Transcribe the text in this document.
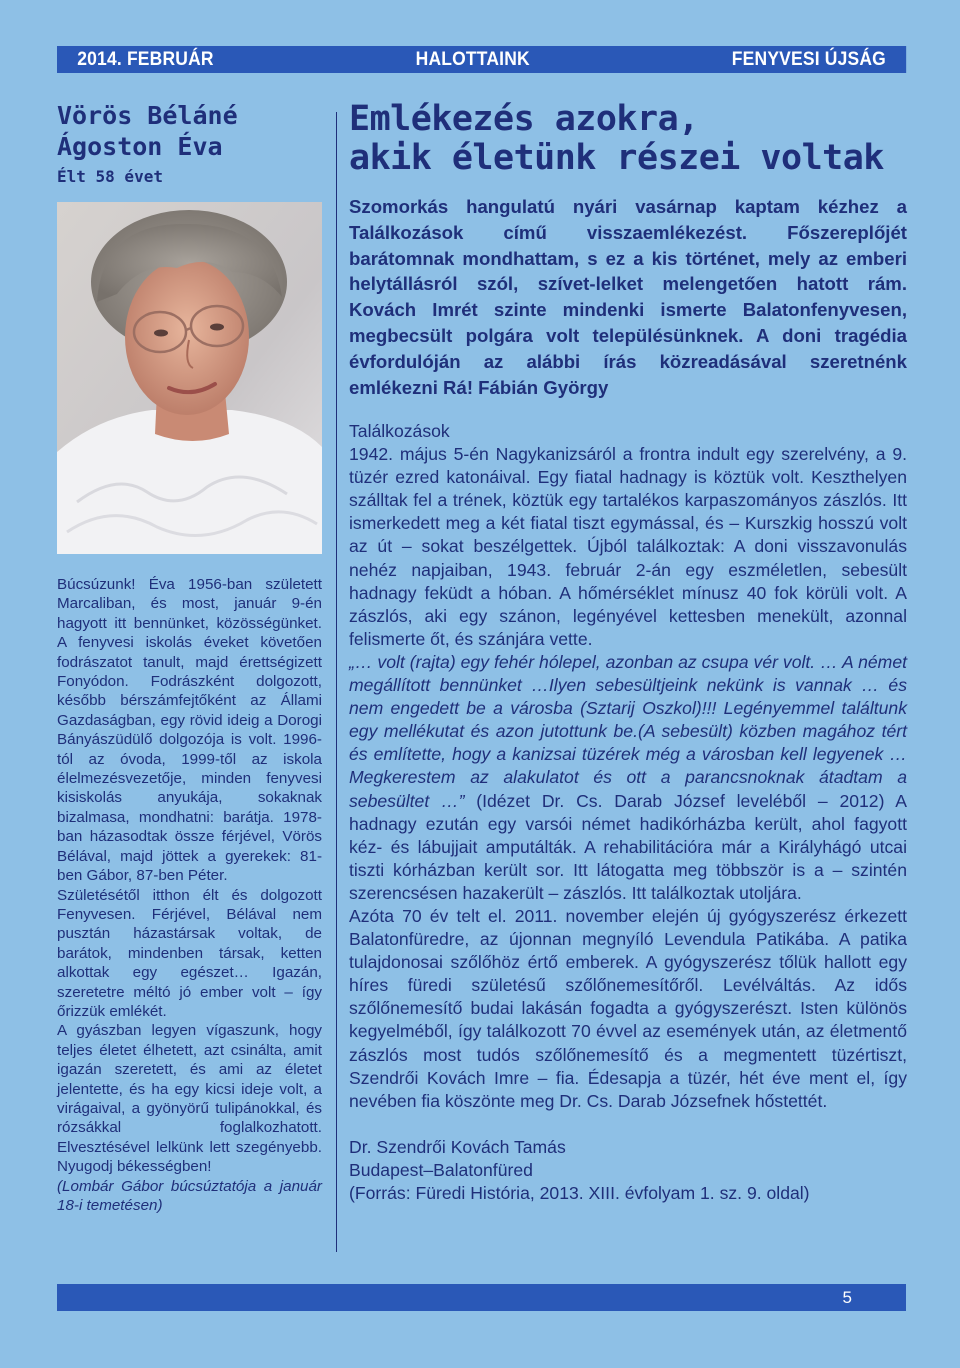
2014. FEBRUÁR	HALOTTAINK	FENYVESI ÚJSÁG
Vörös Béláné
Ágoston Éva
Élt 58 évet

Búcsúzunk! Éva 1956-ban született Marcaliban, és most, január 9-én hagyott itt bennünket, közösségünket. A fenyvesi iskolás éveket követően fodrászatot tanult, majd érettségizett Fonyódon. Fodrászként dolgozott, később bérszámfejtőként az Állami Gazdaságban, egy rövid ideig a Dorogi Bányászüdülő dolgozója is volt. 1996-tól az óvoda, 1999-től az iskola élelmezésvezetője, minden fenyvesi kisiskolás anyukája, sokaknak bizalmasa, mondhatni: barátja. 1978-ban házasodtak össze férjével, Vörös Bélával, majd jöttek a gyerekek: 81-ben Gábor, 87-ben Péter.

Születésétől itthon élt és dolgozott Fenyvesen. Férjével, Bélával nem pusztán házastársak voltak, de barátok, mindenben társak, ketten alkottak egy egészet… Igazán, szeretetre méltó jó ember volt – így őrizzük emlékét.

A gyászban legyen vígaszunk, hogy teljes életet élhetett, azt csinálta, amit igazán szeretett, és ami az életet jelentette, és ha egy kicsi ideje volt, a virágaival, a gyönyörű tulipánokkal, és rózsákkal foglalkozhatott. Elvesztésével lelkünk lett szegényebb. Nyugodj békességben!

(Lombár Gábor búcsúztatója a január 18-i temetésen)

Emlékezés azokra,
akik életünk részei voltak

Szomorkás hangulatú nyári vasárnap kaptam kézhez a Találkozások című visszaemlékezést. Főszereplőjét barátomnak mondhattam, s ez a kis történet, mely az emberi helytállásról szól, szívet-lelket melengetően hatott rám. Kovách Imrét szinte mindenki ismerte Balatonfenyvesen, megbecsült polgára volt településünknek. A doni tragédia évfordulóján az alábbi írás közreadásával szeretnénk emlékezni Rá! Fábián György

Találkozások

1942. május 5-én Nagykanizsáról a frontra indult egy szerelvény, a 9. tüzér ezred katonáival. Egy fiatal hadnagy is köztük volt. Keszthelyen szálltak fel a trének, köztük egy tartalékos karpaszományos zászlós. Itt ismerkedett meg a két fiatal tiszt egymással, és – Kurszkig hosszú volt az út – sokat beszélgettek. Újból találkoztak: A doni visszavonulás nehéz napjaiban, 1943. február 2-án egy eszméletlen, sebesült hadnagy feküdt a hóban. A hőmérséklet mínusz 40 fok körüli volt. A zászlós, aki egy szánon, legényével kettesben menekült, azonnal felismerte őt, és szánjára vette.

„… volt (rajta) egy fehér hólepel, azonban az csupa vér volt. … A német megállított bennünket …Ilyen sebesültjeink nekünk is vannak … és nem engedett be a városba (Sztarij Oszkol)!!! Legényemmel találtunk egy mellékutat és azon jutottunk be.(A sebesült) közben magához tért és említette, hogy a kanizsai tüzérek még a városban kell legyenek …Megkerestem az alakulatot és ott a parancsnoknak átadtam a sebesültet …” (Idézet Dr. Cs. Darab József leveléből – 2012) A hadnagy ezután egy varsói német hadikórházba került, ahol fagyott kéz- és lábujjait amputálták. A rehabilitációra már a Királyhágó utcai tiszti kórházban került sor. Itt látogatta meg többször is a – szintén szerencsésen hazakerült – zászlós. Itt találkoztak utoljára.

Azóta 70 év telt el. 2011. november elején új gyógyszerész érkezett Balatonfüredre, az újonnan megnyíló Levendula Patikába. A patika tulajdonosai szőlőhöz értő emberek. A gyógyszerész tőlük hallott egy híres füredi születésű szőlőnemesítőről. Levélváltás. Az idős szőlőnemesítő budai lakásán fogadta a gyógyszerészt. Isten különös kegyelméből, így találkozott 70 évvel az események után, az életmentő zászlós most tudós szőlőnemesítő és a megmentett tüzértiszt, Szendrői Kovách Imre – fia. Édesapja a tüzér, hét éve ment el, így nevében fia köszönte meg Dr. Cs. Darab Józsefnek hőstettét.

Dr. Szendrői Kovách Tamás

Budapest–Balatonfüred

(Forrás: Füredi História, 2013. XIII. évfolyam 1. sz. 9. oldal)

5
